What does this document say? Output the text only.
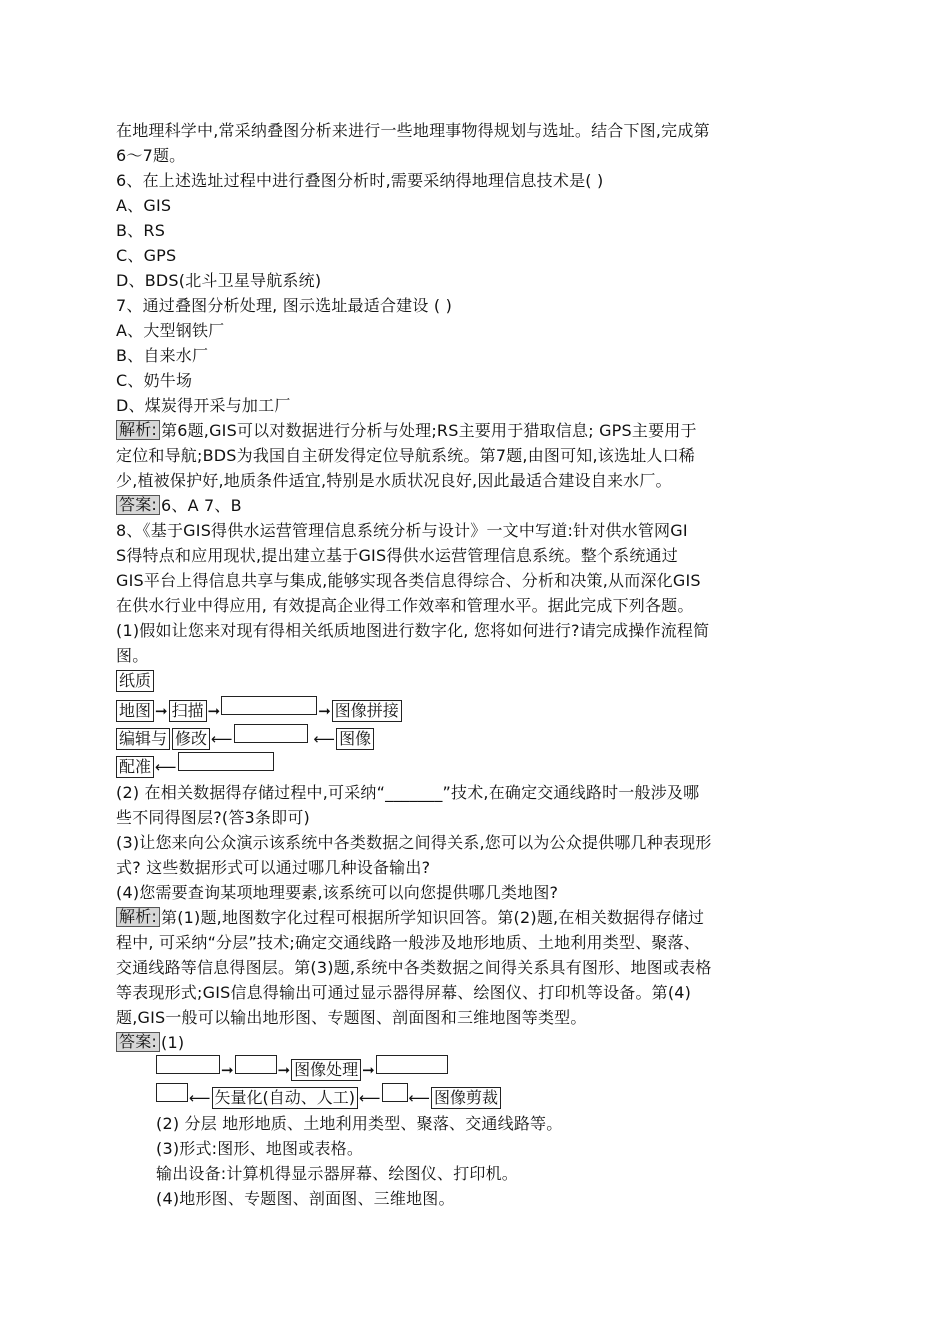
在地理科学中,常采纳叠图分析来进行一些地理事物得规划与选址。结合下图,完成第
6～7题。
6、在上述选址过程中进行叠图分析时,需要采纳得地理信息技术是( )
A、GIS
B、RS
C、GPS
D、BDS(北斗卫星导航系统)
7、通过叠图分析处理, 图示选址最适合建设 ( )
A、大型钢铁厂
B、自来水厂
C、奶牛场
D、煤炭得开采与加工厂
解析: 第6题,GIS可以对数据进行分析与处理;RS主要用于猎取信息; GPS主要用于
定位和导航;BDS为我国自主研发得定位导航系统。第7题,由图可知,该选址人口稀
少,植被保护好,地质条件适宜,特别是水质状况良好,因此最适合建设自来水厂。
答案: 6、A 7、B
8、《基于GIS得供水运营管理信息系统分析与设计》一文中写道:针对供水管网GI
S得特点和应用现状,提出建立基于GIS得供水运营管理信息系统。整个系统通过
GIS平台上得信息共享与集成,能够实现各类信息得综合、分析和决策,从而深化GIS
在供水行业中得应用, 有效提高企业得工作效率和管理水平。据此完成下列各题。
(1)假如让您来对现有得相关纸质地图进行数字化, 您将如何进行?请完成操作流程简
图。
纸质
地图 ➞ 扫描 ➞	➞ 图像拼接
编辑与 修改 ⟵	⟵ 图像
配准 ⟵
(2) 在相关数据得存储过程中,可采纳“_______”技术,在确定交通线路时一般涉及哪
些不同得图层?(答3条即可)
(3)让您来向公众演示该系统中各类数据之间得关系,您可以为公众提供哪几种表现形
式? 这些数据形式可以通过哪几种设备输出?
(4)您需要查询某项地理要素,该系统可以向您提供哪几类地图?
解析: 第(1)题,地图数字化过程可根据所学知识回答。第(2)题,在相关数据得存储过
程中, 可采纳“分层”技术;确定交通线路一般涉及地形地质、土地利用类型、聚落、
交通线路等信息得图层。第(3)题,系统中各类数据之间得关系具有图形、地图或表格
等表现形式;GIS信息得输出可通过显示器得屏幕、绘图仪、打印机等设备。第(4)
题,GIS一般可以输出地形图、专题图、剖面图和三维地图等类型。
答案: (1)
➞	➞ 图像处理 ➞
⟵ 矢量化(自动、人工) ⟵ ⟵ 图像剪裁
(2) 分层 地形地质、土地利用类型、聚落、交通线路等。
(3)形式:图形、地图或表格。
输出设备:计算机得显示器屏幕、绘图仪、打印机。
(4)地形图、专题图、剖面图、三维地图。
